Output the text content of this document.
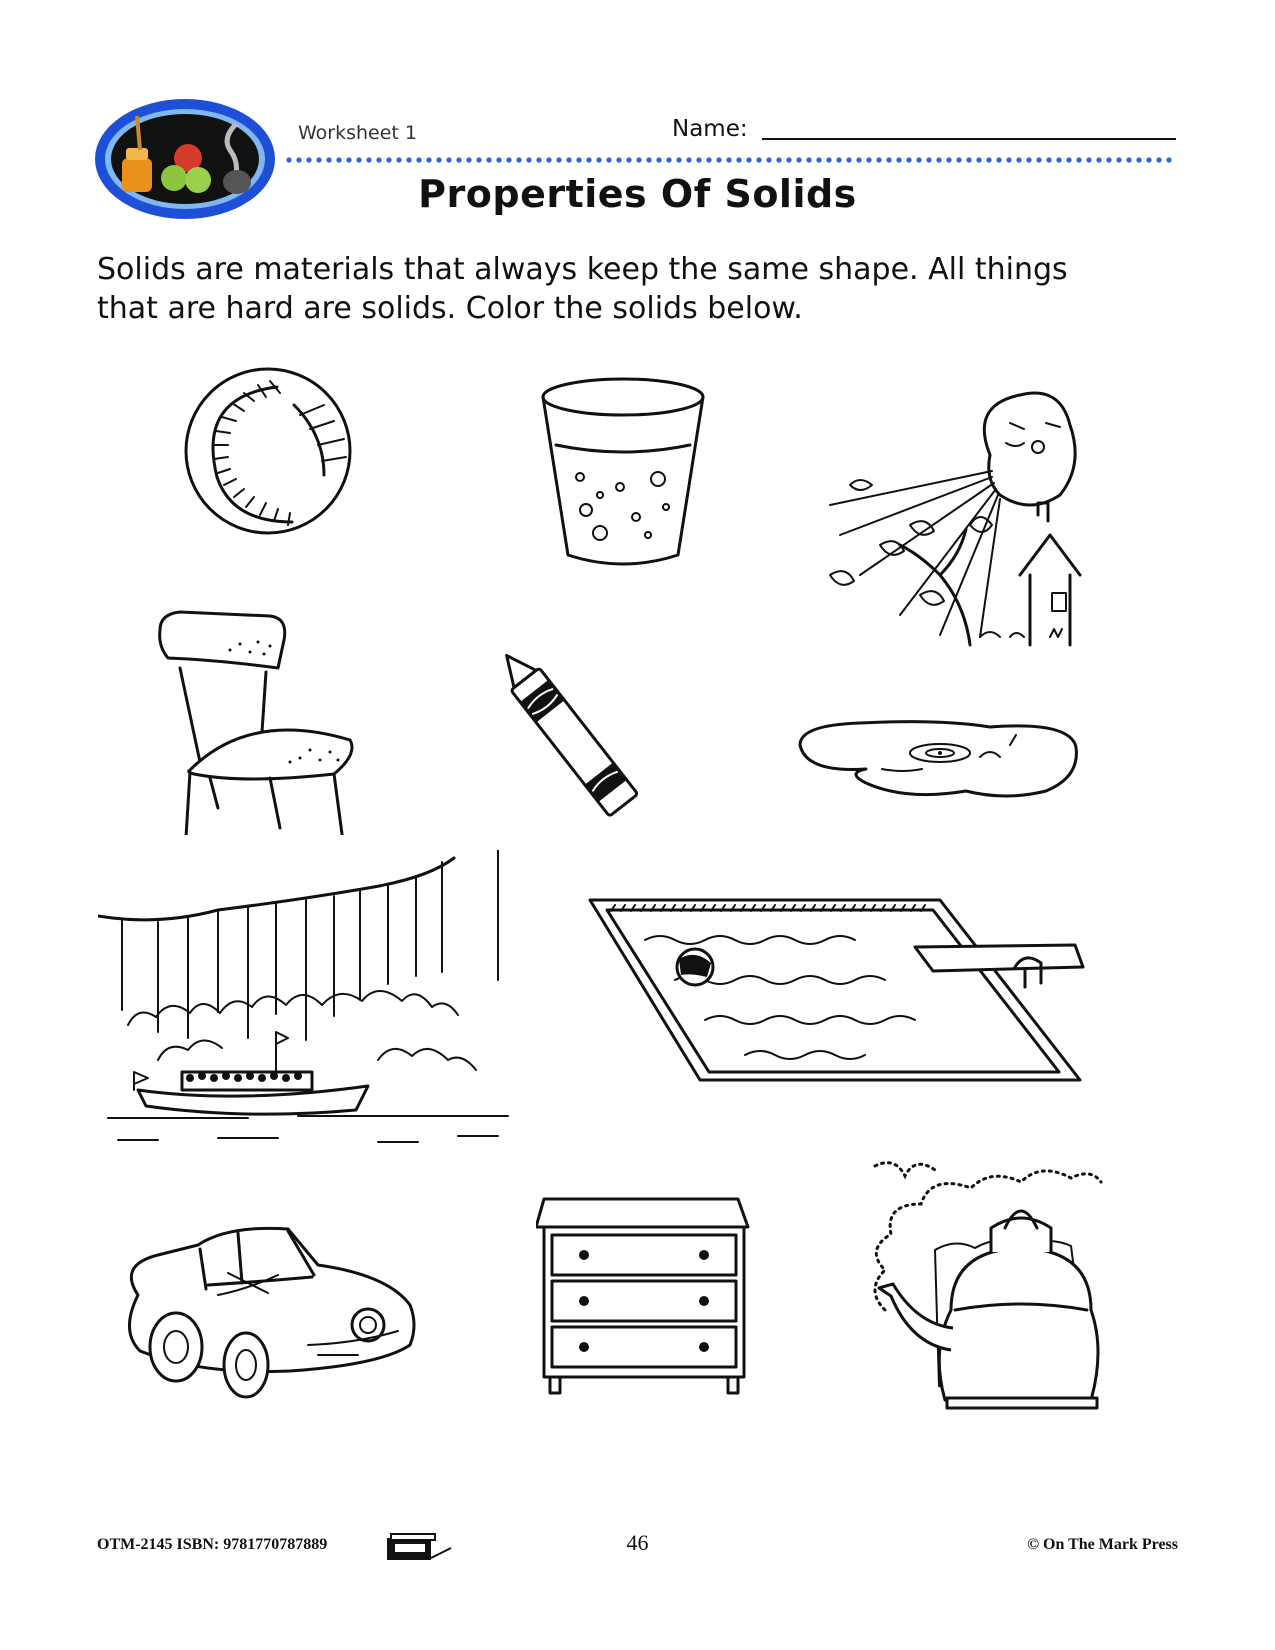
Worksheet 1	Name:
Properties Of Solids

Solids are materials that always keep the same shape. All things

that are hard are solids. Color the solids below.

OTM-2145 ISBN: 9781770787889	46	© On The Mark Press
